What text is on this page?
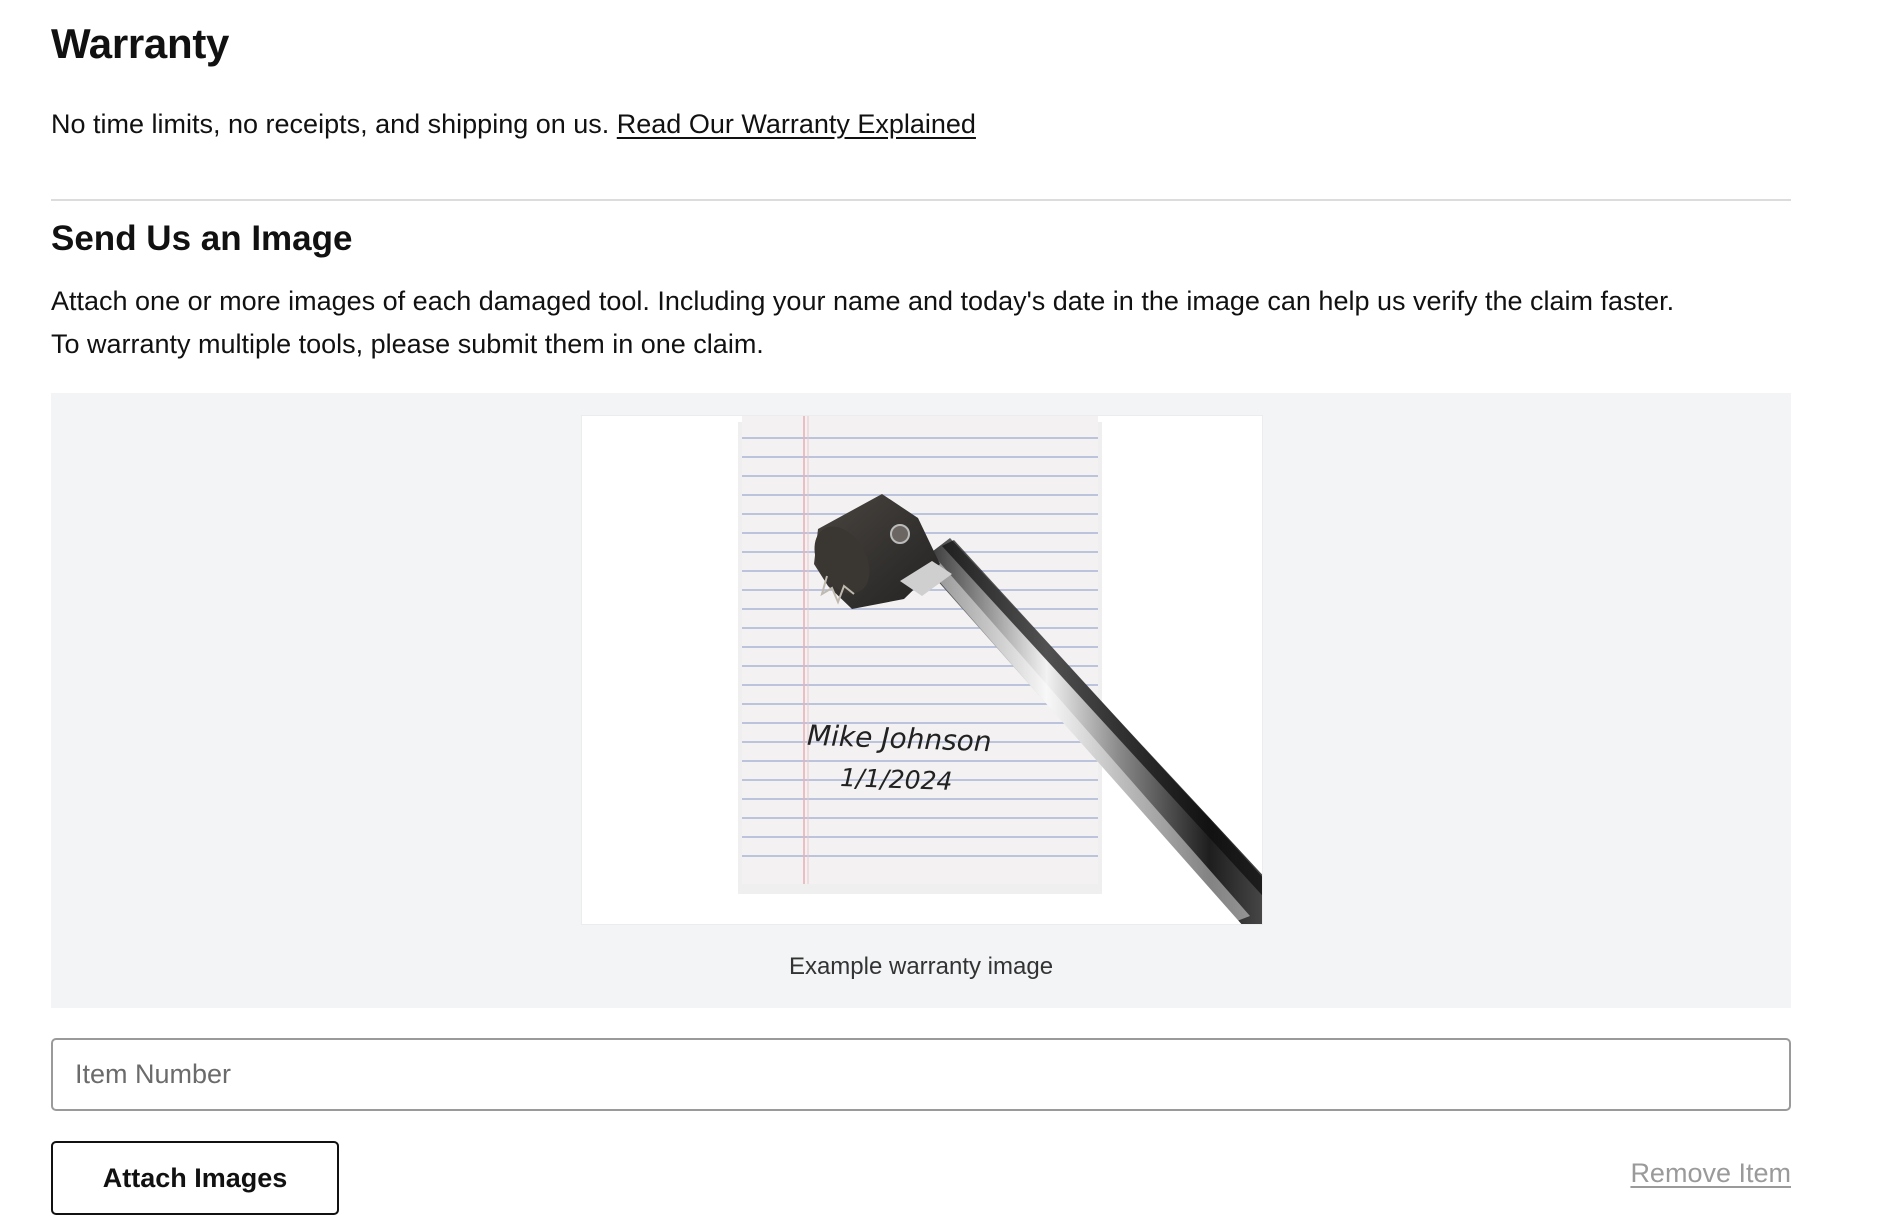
Warranty

No time limits, no receipts, and shipping on us. Read Our Warranty Explained

Send Us an Image

Attach one or more images of each damaged tool. Including your name and today's date in the image can help us verify the claim faster.
To warranty multiple tools, please submit them in one claim.

Mike Johnson
1/1/2024

Example warranty image

Item Number
Attach Images	Remove Item
